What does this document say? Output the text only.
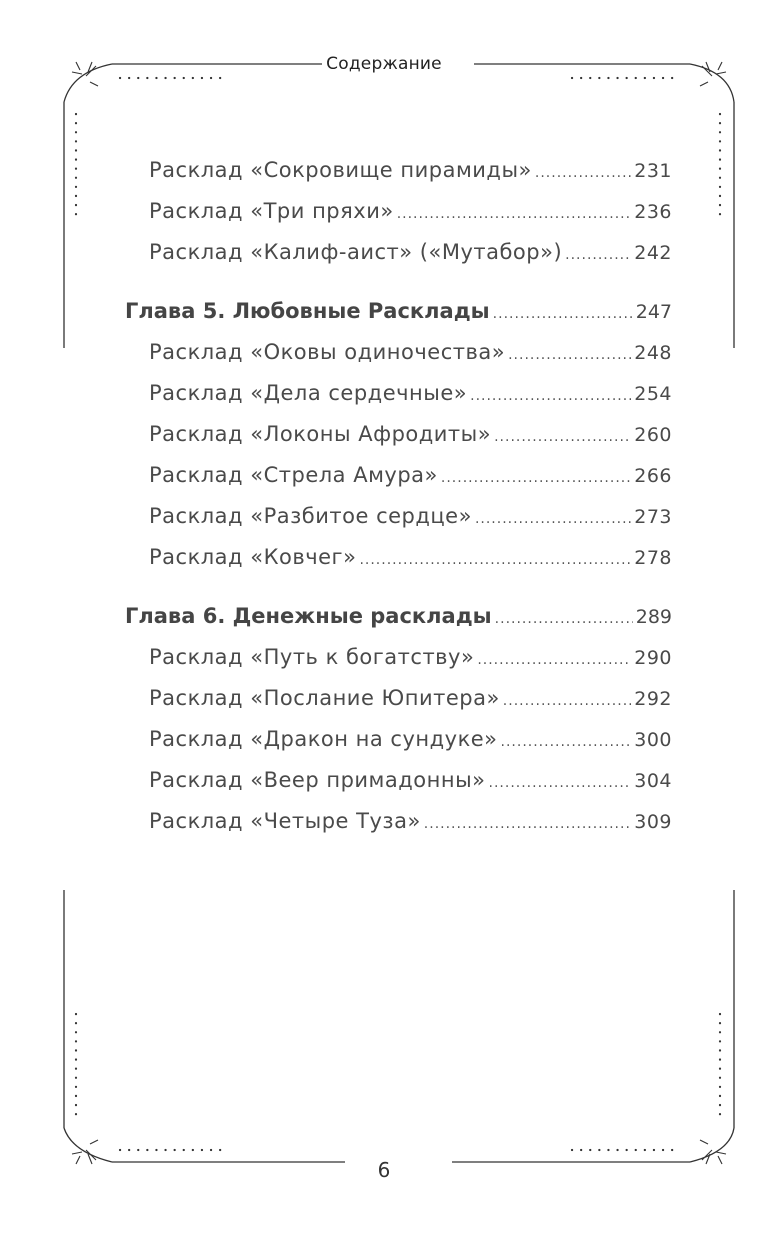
Содержание
Расклад «Сокровище пирамиды» .....	231
Расклад «Три пряхи» .....	236
Расклад «Калиф-аист» («Мутабор») .....	242
Глава 5. Любовные Расклады .....	247
Расклад «Оковы одиночества» .....	248
Расклад «Дела сердечные» .....	254
Расклад «Локоны Афродиты» .....	260
Расклад «Стрела Амура» .....	266
Расклад «Разбитое сердце» .....	273
Расклад «Ковчег» .....	278
Глава 6. Денежные расклады .....	289
Расклад «Путь к богатству» .....	290
Расклад «Послание Юпитера» .....	292
Расклад «Дракон на сундуке» .....	300
Расклад «Веер примадонны» .....	304
Расклад «Четыре Туза» .....	309
6
